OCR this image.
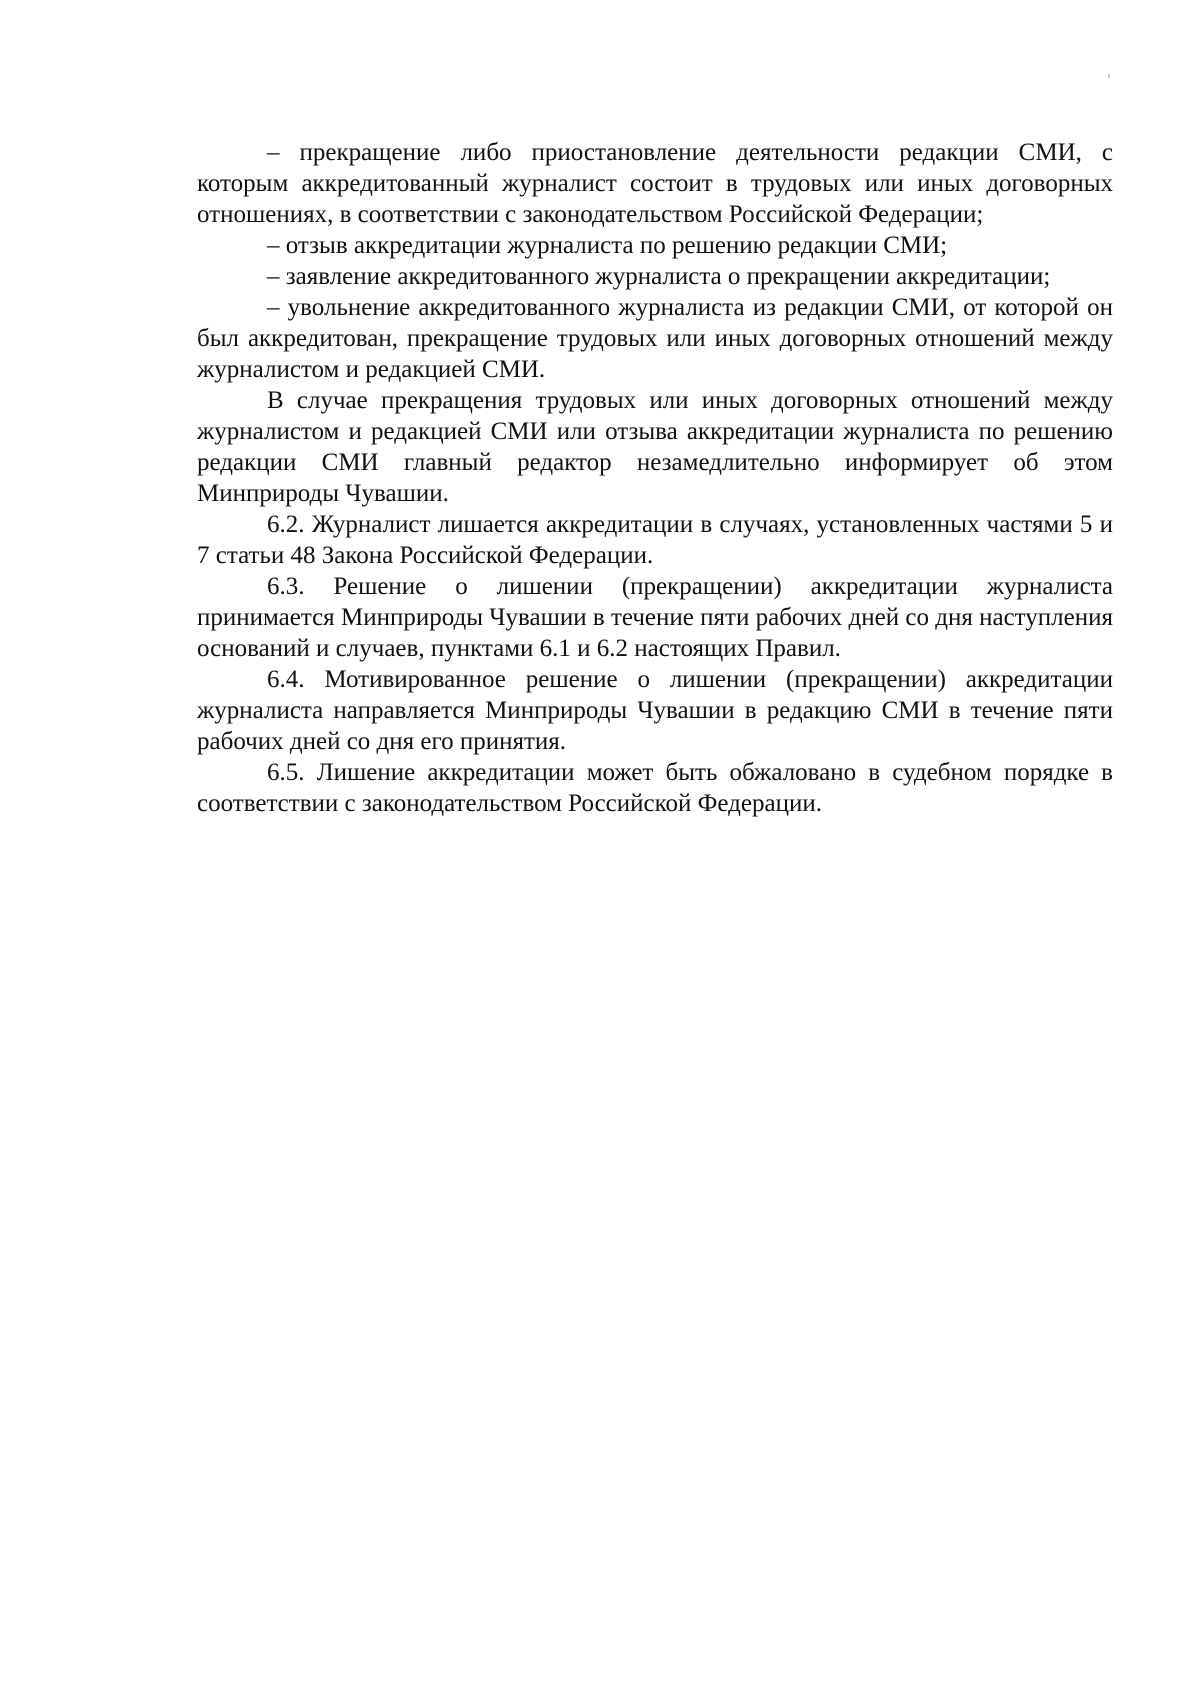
– прекращение либо приостановление деятельности редакции СМИ, с которым аккредитованный журналист состоит в трудовых или иных договорных отношениях, в соответствии с законодательством Российской Федерации;

– отзыв аккредитации журналиста по решению редакции СМИ;

– заявление аккредитованного журналиста о прекращении аккредитации;

– увольнение аккредитованного журналиста из редакции СМИ, от которой он был аккредитован, прекращение трудовых или иных договорных отношений между журналистом и редакцией СМИ.

В случае прекращения трудовых или иных договорных отношений между журналистом и редакцией СМИ или отзыва аккредитации журналиста по решению редакции СМИ главный редактор незамедлительно информирует об этом Минприроды Чувашии.

6.2. Журналист лишается аккредитации в случаях, установленных частями 5 и 7 статьи 48 Закона Российской Федерации.

6.3. Решение о лишении (прекращении) аккредитации журналиста принимается Минприроды Чувашии в течение пяти рабочих дней со дня наступления оснований и случаев, пунктами 6.1 и 6.2 настоящих Правил.

6.4. Мотивированное решение о лишении (прекращении) аккредитации журналиста направляется Минприроды Чувашии в редакцию СМИ в течение пяти рабочих дней со дня его принятия.

6.5. Лишение аккредитации может быть обжаловано в судебном порядке в соответствии с законодательством Российской Федерации.
